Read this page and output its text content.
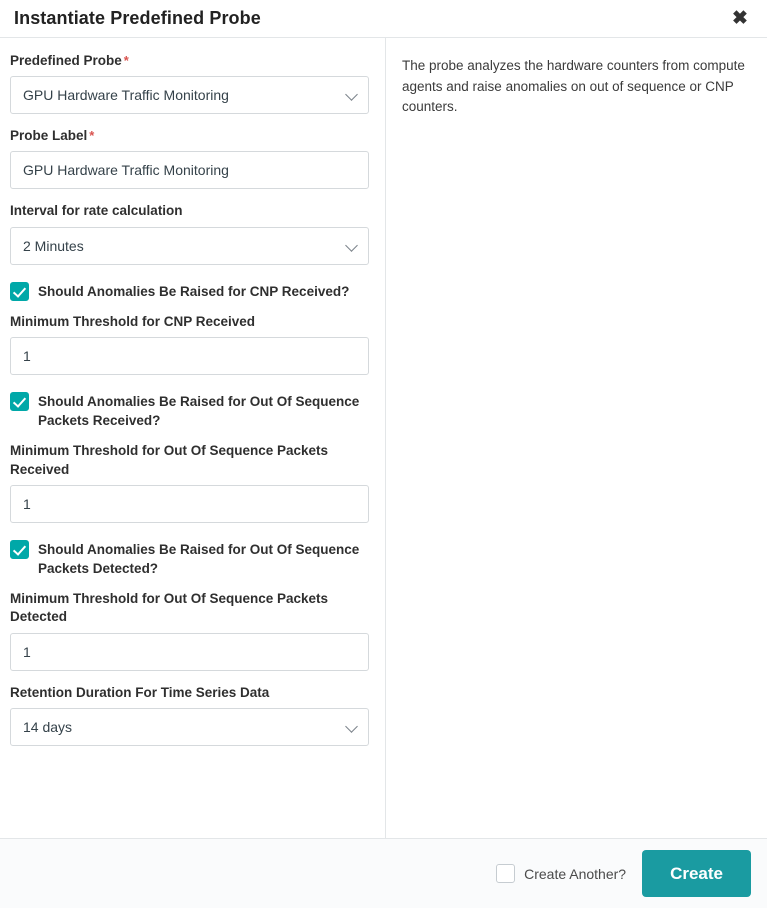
Instantiate Predefined Probe	✖
Predefined Probe *
GPU Hardware Traffic Monitoring
Probe Label *
GPU Hardware Traffic Monitoring
Interval for rate calculation
2 Minutes
Should Anomalies Be Raised for CNP Received?
Minimum Threshold for CNP Received
1
Should Anomalies Be Raised for Out Of Sequence Packets Received?
Minimum Threshold for Out Of Sequence Packets Received
1
Should Anomalies Be Raised for Out Of Sequence Packets Detected?
Minimum Threshold for Out Of Sequence Packets Detected
1
Retention Duration For Time Series Data
14 days
The probe analyzes the hardware counters from compute agents and raise anomalies on out of sequence or CNP counters.
Create Another?	Create
